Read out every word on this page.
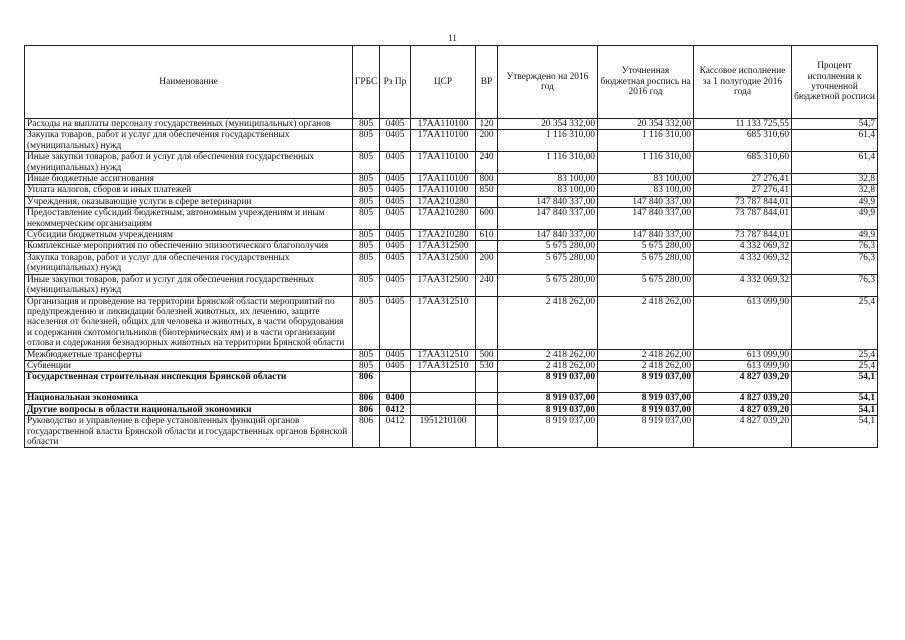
11
Наименование	ГРБС	Рз Пр	ЦСР	ВР	Утверждено на 2016 год	Уточненная бюджетная роспись на 2016 год	Кассовое исполнение за 1 полугодие 2016 года	Процент исполнения к уточненной бюджетной росписи
Расходы на выплаты персоналу государственных (муниципальных) органов	805	0405	17АА110100	120	20 354 332,00	20 354 332,00	11 133 725,55	54,7
Закупка товаров, работ и услуг для обеспечения государственных (муниципальных) нужд	805	0405	17АА110100	200	1 116 310,00	1 116 310,00	685 310,60	61,4
Иные закупки товаров, работ и услуг для обеспечения государственных (муниципальных) нужд	805	0405	17АА110100	240	1 116 310,00	1 116 310,00	685 310,60	61,4
Иные бюджетные ассигнования	805	0405	17АА110100	800	83 100,00	83 100,00	27 276,41	32,8
Уплата налогов, сборов и иных платежей	805	0405	17АА110100	850	83 100,00	83 100,00	27 276,41	32,8
Учреждения, оказывающие услуги в сфере ветеринарии	805	0405	17АА210280		147 840 337,00	147 840 337,00	73 787 844,01	49,9
Предоставление субсидий бюджетным, автономным учреждениям и иным некоммерческим организациям	805	0405	17АА210280	600	147 840 337,00	147 840 337,00	73 787 844,01	49,9
Субсидии бюджетным учреждениям	805	0405	17АА210280	610	147 840 337,00	147 840 337,00	73 787 844,01	49,9
Комплексные мероприятия по обеспечению эпизоотического благополучия	805	0405	17АА312500		5 675 280,00	5 675 280,00	4 332 069,32	76,3
Закупка товаров, работ и услуг для обеспечения государственных (муниципальных) нужд	805	0405	17АА312500	200	5 675 280,00	5 675 280,00	4 332 069,32	76,3
Иные закупки товаров, работ и услуг для обеспечения государственных (муниципальных) нужд	805	0405	17АА312500	240	5 675 280,00	5 675 280,00	4 332 069,32	76,3
Организация и проведение на территории Брянской области мероприятий по предупреждению и ликвидации болезней животных, их лечению, защите населения от болезней, общих для человека и животных, в части оборудования и содержания скотомогильников (биотермических ям) и в части организации отлова и содержания безнадзорных животных на территории Брянской области	805	0405	17АА312510		2 418 262,00	2 418 262,00	613 099,90	25,4
Межбюджетные трансферты	805	0405	17АА312510	500	2 418 262,00	2 418 262,00	613 099,90	25,4
Субвенции	805	0405	17АА312510	530	2 418 262,00	2 418 262,00	613 099,90	25,4
Государственная строительная инспекция Брянской области	806				8 919 037,00	8 919 037,00	4 827 039,20	54,1
Национальная экономика	806	0400			8 919 037,00	8 919 037,00	4 827 039,20	54,1
Другие вопросы в области национальной экономики	806	0412			8 919 037,00	8 919 037,00	4 827 039,20	54,1
Руководство и управление в сфере установленных функций органов государственной власти Брянской области и государственных органов Брянской области	806	0412	1951210100		8 919 037,00	8 919 037,00	4 827 039,20	54,1
